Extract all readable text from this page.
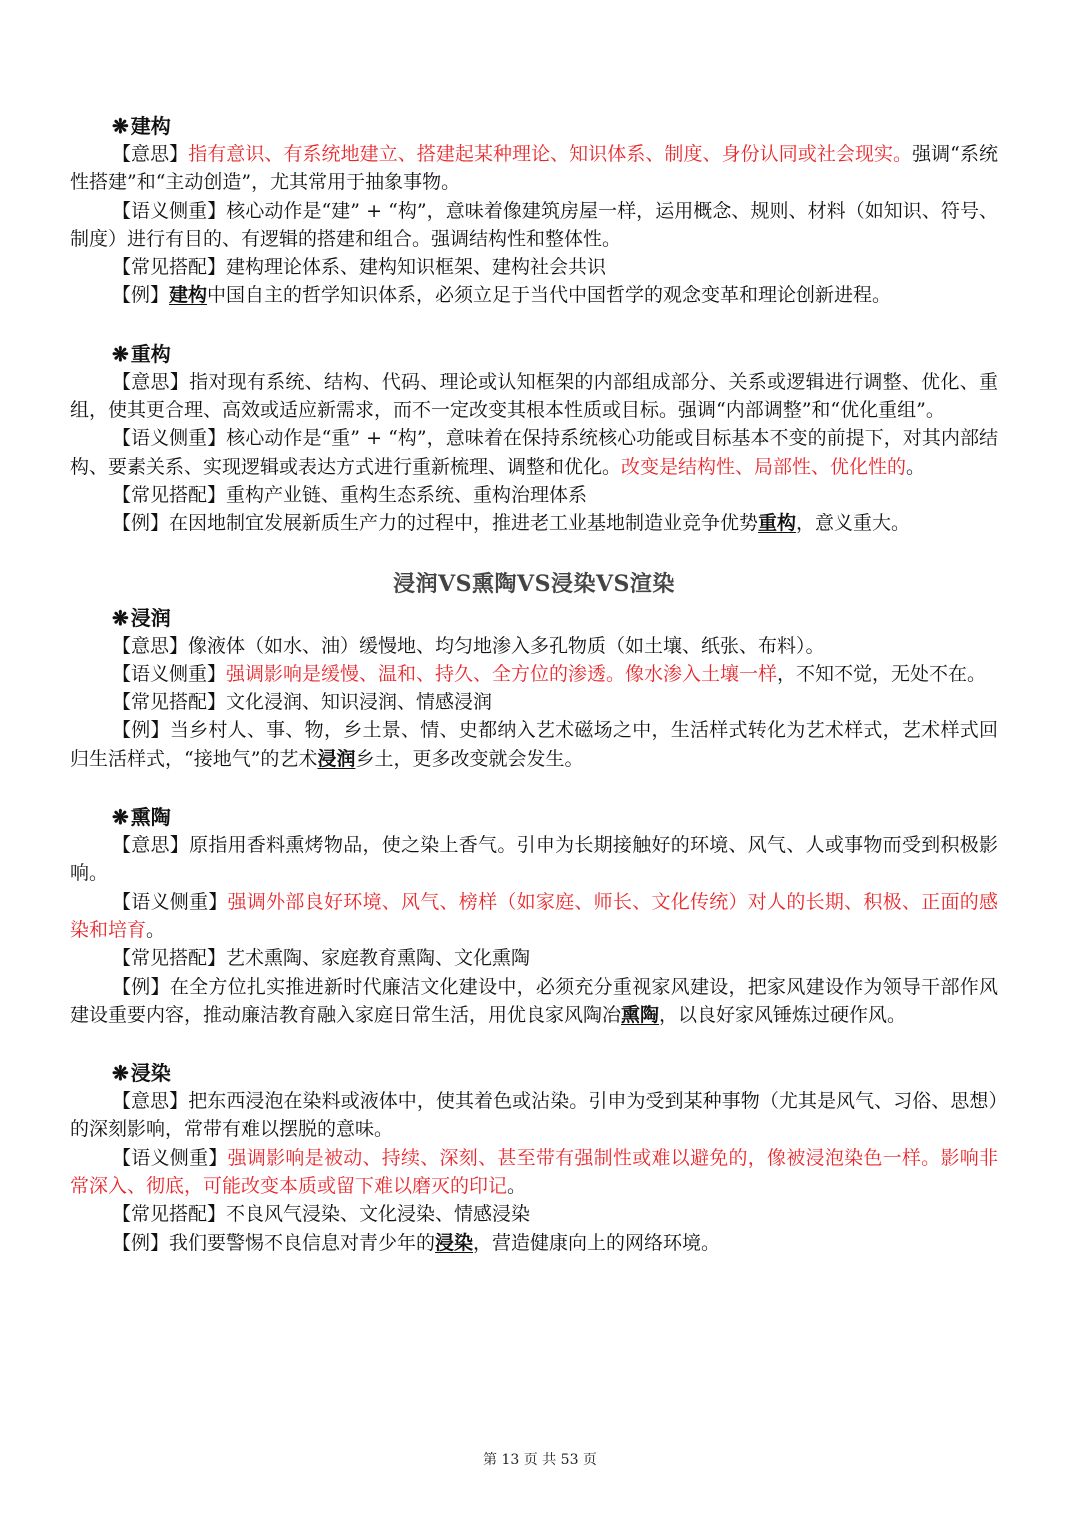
❋ 建构

【意思】指有意识、有系统地建立、搭建起某种理论、知识体系、制度、身份认同或社会现实。强调“系统性搭建”和“主动创造”，尤其常用于抽象事物。

【语义侧重】核心动作是“建” + “构”，意味着像建筑房屋一样，运用概念、规则、材料（如知识、符号、制度）进行有目的、有逻辑的搭建和组合。强调结构性和整体性。

【常见搭配】建构理论体系、建构知识框架、建构社会共识

【例】建构中国自主的哲学知识体系，必须立足于当代中国哲学的观念变革和理论创新进程。

❋ 重构

【意思】指对现有系统、结构、代码、理论或认知框架的内部组成部分、关系或逻辑进行调整、优化、重组，使其更合理、高效或适应新需求，而不一定改变其根本性质或目标。强调“内部调整”和“优化重组”。

【语义侧重】核心动作是“重” + “构”，意味着在保持系统核心功能或目标基本不变的前提下，对其内部结构、要素关系、实现逻辑或表达方式进行重新梳理、调整和优化。改变是结构性、局部性、优化性的。

【常见搭配】重构产业链、重构生态系统、重构治理体系

【例】在因地制宜发展新质生产力的过程中，推进老工业基地制造业竞争优势重构，意义重大。

浸润VS熏陶VS浸染VS渲染
❋ 浸润

【意思】像液体（如水、油）缓慢地、均匀地渗入多孔物质（如土壤、纸张、布料）。

【语义侧重】强调影响是缓慢、温和、持久、全方位的渗透。像水渗入土壤一样，不知不觉，无处不在。

【常见搭配】文化浸润、知识浸润、情感浸润

【例】当乡村人、事、物，乡土景、情、史都纳入艺术磁场之中，生活样式转化为艺术样式，艺术样式回归生活样式，“接地气”的艺术浸润乡土，更多改变就会发生。

❋ 熏陶

【意思】原指用香料熏烤物品，使之染上香气。引申为长期接触好的环境、风气、人或事物而受到积极影响。

【语义侧重】强调外部良好环境、风气、榜样（如家庭、师长、文化传统）对人的长期、积极、正面的感染和培育。

【常见搭配】艺术熏陶、家庭教育熏陶、文化熏陶

【例】在全方位扎实推进新时代廉洁文化建设中，必须充分重视家风建设，把家风建设作为领导干部作风建设重要内容，推动廉洁教育融入家庭日常生活，用优良家风陶冶熏陶，以良好家风锤炼过硬作风。

❋ 浸染

【意思】把东西浸泡在染料或液体中，使其着色或沾染。引申为受到某种事物（尤其是风气、习俗、思想）的深刻影响，常带有难以摆脱的意味。

【语义侧重】强调影响是被动、持续、深刻、甚至带有强制性或难以避免的，像被浸泡染色一样。影响非常深入、彻底，可能改变本质或留下难以磨灭的印记。

【常见搭配】不良风气浸染、文化浸染、情感浸染

【例】我们要警惕不良信息对青少年的浸染，营造健康向上的网络环境。

第 13 页 共 53 页
